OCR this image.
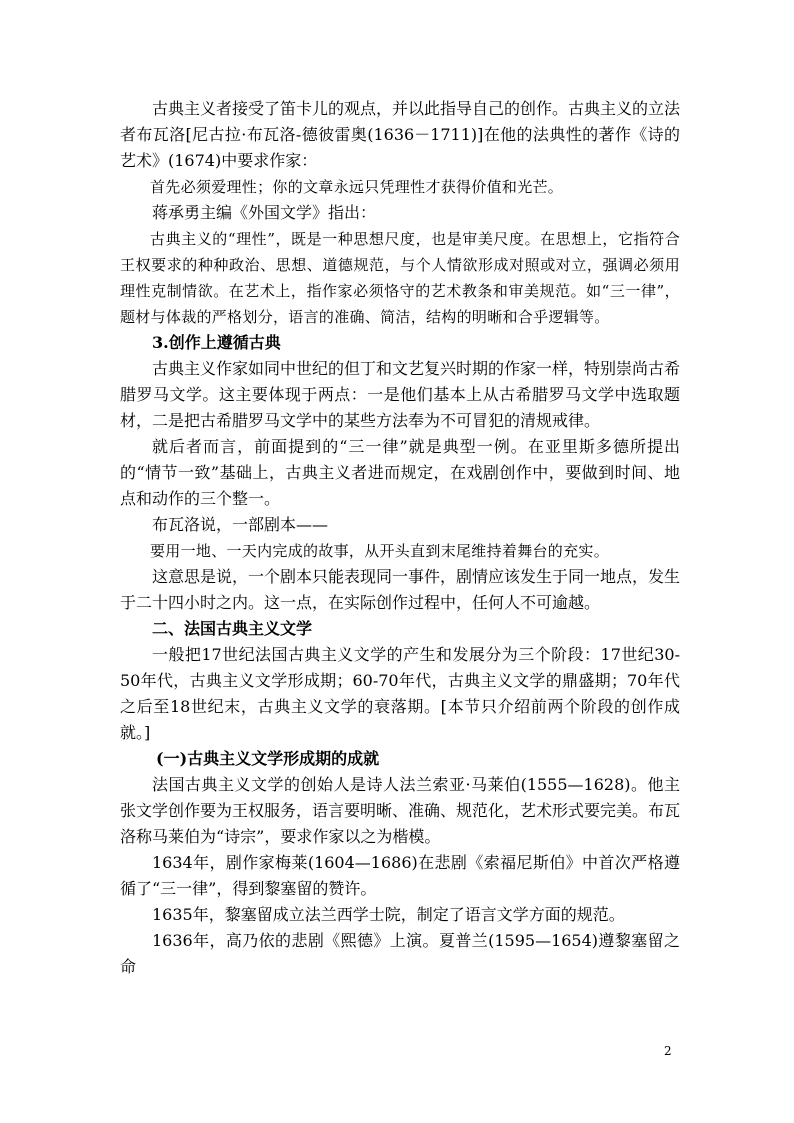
古典主义者接受了笛卡儿的观点，并以此指导自己的创作。古典主义的立法者布瓦洛[尼古拉·布瓦洛-德彼雷奥(1636－1711)]在他的法典性的著作《诗的艺术》(1674)中要求作家：

首先必须爱理性；你的文章永远只凭理性才获得价值和光芒。

蒋承勇主编《外国文学》指出：

古典主义的“理性”，既是一种思想尺度，也是审美尺度。在思想上，它指符合王权要求的种种政治、思想、道德规范，与个人情欲形成对照或对立，强调必须用理性克制情欲。在艺术上，指作家必须恪守的艺术教条和审美规范。如“三一律”，题材与体裁的严格划分，语言的准确、简洁，结构的明晰和合乎逻辑等。

3.创作上遵循古典

古典主义作家如同中世纪的但丁和文艺复兴时期的作家一样，特别崇尚古希腊罗马文学。这主要体现于两点：一是他们基本上从古希腊罗马文学中选取题材，二是把古希腊罗马文学中的某些方法奉为不可冒犯的清规戒律。

就后者而言，前面提到的“三一律”就是典型一例。在亚里斯多德所提出的“情节一致”基础上，古典主义者进而规定，在戏剧创作中，要做到时间、地点和动作的三个整一。

布瓦洛说，一部剧本——

要用一地、一天内完成的故事，从开头直到末尾维持着舞台的充实。

这意思是说，一个剧本只能表现同一事件，剧情应该发生于同一地点，发生于二十四小时之内。这一点，在实际创作过程中，任何人不可逾越。

二、法国古典主义文学

一般把17世纪法国古典主义文学的产生和发展分为三个阶段：17世纪30-50年代，古典主义文学形成期；60-70年代，古典主义文学的鼎盛期；70年代之后至18世纪末，古典主义文学的衰落期。[本节只介绍前两个阶段的创作成就。]

(一)古典主义文学形成期的成就

法国古典主义文学的创始人是诗人法兰索亚·马莱伯(1555—1628)。他主张文学创作要为王权服务，语言要明晰、准确、规范化，艺术形式要完美。布瓦洛称马莱伯为“诗宗”，要求作家以之为楷模。

1634年，剧作家梅莱(1604—1686)在悲剧《索福尼斯伯》中首次严格遵循了“三一律”，得到黎塞留的赞许。

1635年，黎塞留成立法兰西学士院，制定了语言文学方面的规范。

1636年，高乃依的悲剧《熙德》上演。夏普兰(1595—1654)遵黎塞留之命

2
